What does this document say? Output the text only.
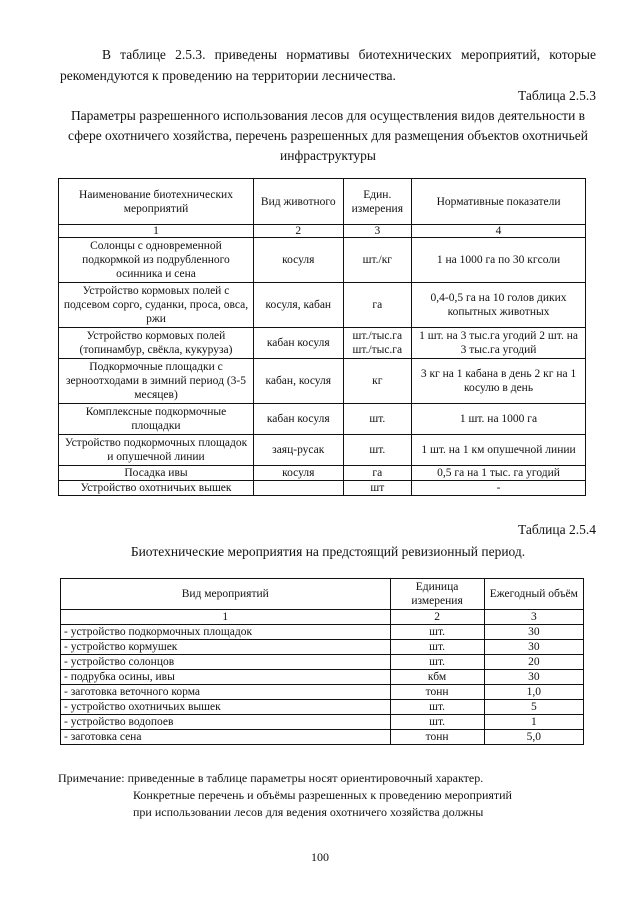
В таблице 2.5.3. приведены нормативы биотехнических мероприятий, которые рекомендуются к проведению на территории лесничества.
Таблица 2.5.3
Параметры разрешенного использования лесов для осуществления видов деятельности в сфере охотничего хозяйства, перечень разрешенных для размещения объектов охотничьей инфраструктуры
Наименование биотехнических мероприятий	Вид животного	Един. измерения	Нормативные показатели
1	2	3	4
Солонцы с одновременной подкормкой из подрубленного осинника и сена	косуля	шт./кг	1 на 1000 га по 30 кгсоли
Устройство кормовых полей с подсевом сорго, суданки, проса, овса, ржи	косуля, кабан	га	0,4-0,5 га на 10 голов диких копытных животных
Устройство кормовых полей (топинамбур, свёкла, кукуруза)	кабан косуля	шт./тыс.га шт./тыс.га	1 шт. на 3 тыс.га угодий 2 шт. на 3 тыс.га угодий
Подкормочные площадки с зерноотходами в зимний период (3-5 месяцев)	кабан, косуля	кг	3 кг на 1 кабана в день 2 кг на 1 косулю в день
Комплексные подкормочные площадки	кабан косуля	шт.	1 шт. на 1000 га
Устройство подкормочных площадок и опушечной линии	заяц-русак	шт.	1 шт. на 1 км опушечной линии
Посадка ивы	косуля	га	0,5 га на 1 тыс. га угодий
Устройство охотничьих вышек		шт	-
Таблица 2.5.4
Биотехнические мероприятия на предстоящий ревизионный период.
Вид мероприятий	Единица измерения	Ежегодный объём
1	2	3
- устройство подкормочных площадок	шт.	30
- устройство кормушек	шт.	30
- устройство солонцов	шт.	20
- подрубка осины, ивы	кбм	30
- заготовка веточного корма	тонн	1,0
- устройство охотничьих вышек	шт.	5
- устройство водопоев	шт.	1
- заготовка сена	тонн	5,0
Примечание: приведенные в таблице параметры носят ориентировочный характер.
Конкретные перечень и объёмы разрешенных к проведению мероприятий
при использовании лесов для ведения охотничего хозяйства должны
100
